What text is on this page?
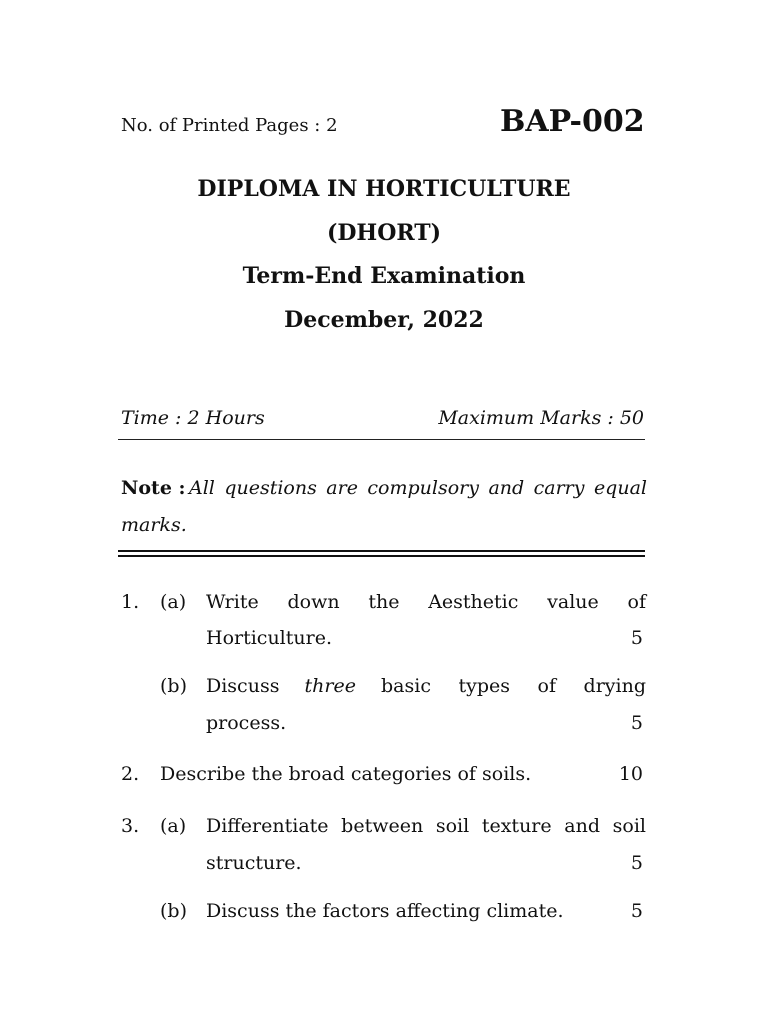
No. of Printed Pages : 2	BAP-002
DIPLOMA IN HORTICULTURE
(DHORT)
Term-End Examination
December, 2022
Time : 2 Hours	Maximum Marks : 50
Note : All questions are compulsory and carry equal marks.
1. (a) Write down the Aesthetic value of
Horticulture.	5
(b) Discuss three basic types of drying
process.	5
2. Describe the broad categories of soils.	10
3. (a) Differentiate between soil texture and soil
structure.	5
(b) Discuss the factors affecting climate.	5
